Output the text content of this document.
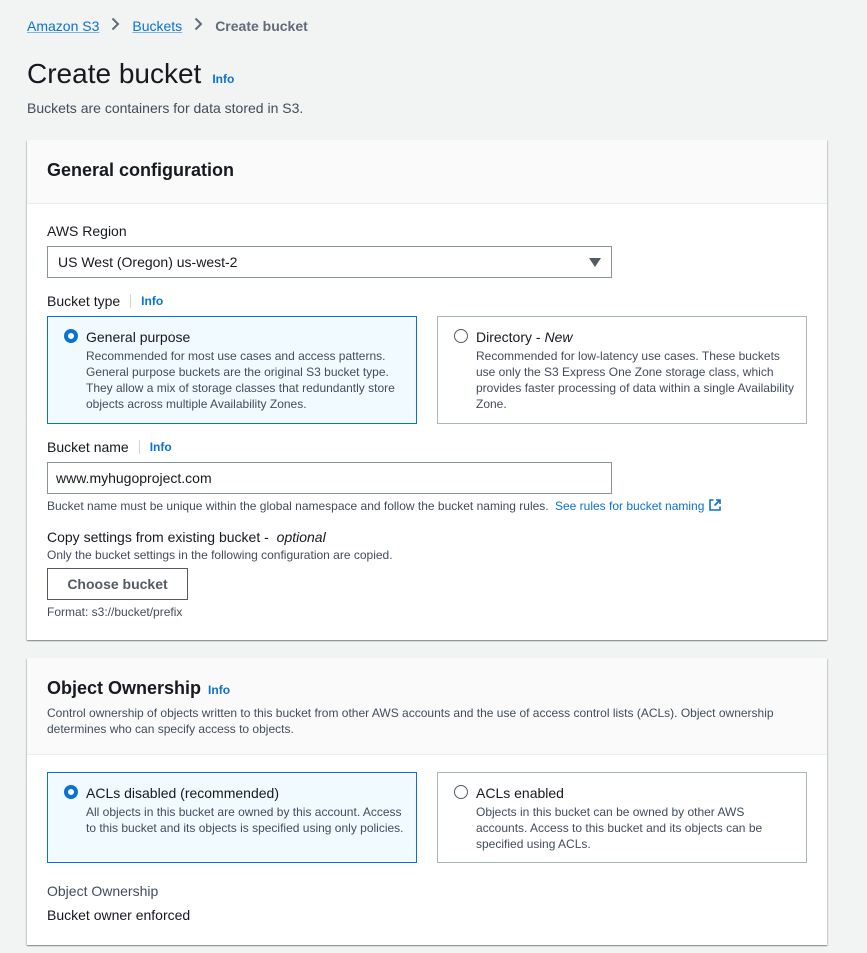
Amazon S3 Buckets Create bucket
Create bucket Info

Buckets are containers for data stored in S3.

General configuration
AWS Region
US West (Oregon) us-west-2
Bucket type Info
General purpose
Recommended for most use cases and access patterns. General purpose buckets are the original S3 bucket type. They allow a mix of storage classes that redundantly store objects across multiple Availability Zones.
Directory - New
Recommended for low-latency use cases. These buckets use only the S3 Express One Zone storage class, which provides faster processing of data within a single Availability Zone.
Bucket name Info
www.myhugoproject.com
Bucket name must be unique within the global namespace and follow the bucket naming rules. See rules for bucket naming
Copy settings from existing bucket - optional
Only the bucket settings in the following configuration are copied.
Choose bucket
Format: s3://bucket/prefix
Object Ownership Info

Control ownership of objects written to this bucket from other AWS accounts and the use of access control lists (ACLs). Object ownership determines who can specify access to objects.

ACLs disabled (recommended)
All objects in this bucket are owned by this account. Access to this bucket and its objects is specified using only policies.
ACLs enabled
Objects in this bucket can be owned by other AWS accounts. Access to this bucket and its objects can be specified using ACLs.
Object Ownership
Bucket owner enforced
